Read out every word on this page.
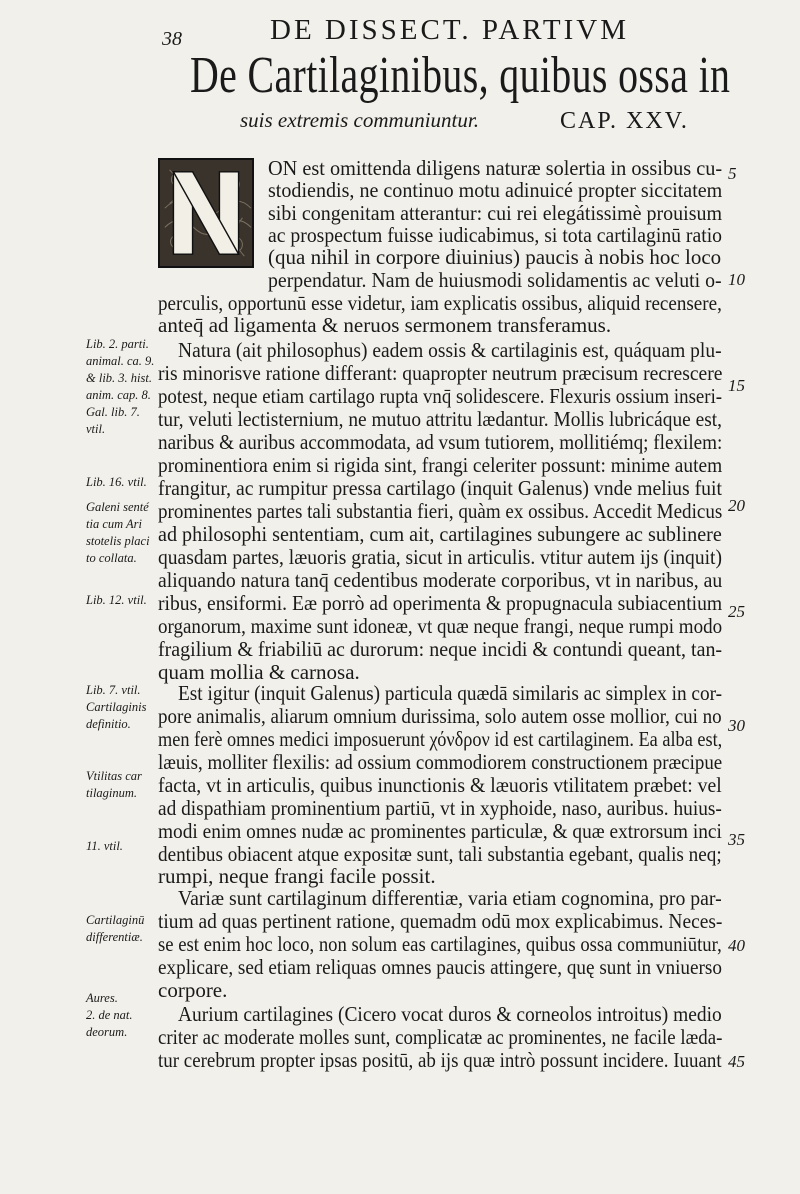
38	DE DISSECT. PARTIVM
De Cartilaginibus, quibus ossa in
suis extremis communiuntur.	CAP. XXV.
ON est omittenda diligens naturæ solertia in ossibus cu-
stodiendis, ne continuo motu adinuicé propter siccitatem
sibi congenitam atterantur: cui rei elegátissimè prouisum
ac prospectum fuisse iudicabimus, si tota cartilaginū ratio
(qua nihil in corpore diuinius) paucis à nobis hoc loco
perpendatur. Nam de huiusmodi solidamentis ac veluti o-
perculis, opportunū esse videtur, iam explicatis ossibus, aliquid recensere,
anteq̄ ad ligamenta & neruos sermonem transferamus.
Natura (ait philosophus) eadem ossis & cartilaginis est, quáquam plu-
ris minorisve ratione differant: quapropter neutrum præcisum recrescere
potest, neque etiam cartilago rupta vnq̄ solidescere. Flexuris ossium inseri-
tur, veluti lectisternium, ne mutuo attritu lædantur. Mollis lubricáque est,
naribus & auribus accommodata, ad vsum tutiorem, mollitiémq; flexilem:
prominentiora enim si rigida sint, frangi celeriter possunt: minime autem
frangitur, ac rumpitur pressa cartilago (inquit Galenus) vnde melius fuit
prominentes partes tali substantia fieri, quàm ex ossibus. Accedit Medicus
ad philosophi sententiam, cum ait, cartilagines subungere ac sublinere
quasdam partes, læuoris gratia, sicut in articulis. vtitur autem ijs (inquit)
aliquando natura tanq̄ cedentibus moderate corporibus, vt in naribus, au
ribus, ensiformi. Eæ porrò ad operimenta & propugnacula subiacentium
organorum, maxime sunt idoneæ, vt quæ neque frangi, neque rumpi modo
fragilium & friabiliū ac durorum: neque incidi & contundi queant, tan-
quam mollia & carnosa.
Est igitur (inquit Galenus) particula quædā similaris ac simplex in cor-
pore animalis, aliarum omnium durissima, solo autem osse mollior, cui no
men ferè omnes medici imposuerunt χόνδρον id est cartilaginem. Ea alba est,
læuis, molliter flexilis: ad ossium commodiorem constructionem præcipue
facta, vt in articulis, quibus inunctionis & læuoris vtilitatem præbet: vel
ad dispathiam prominentium partiū, vt in xyphoide, naso, auribus. huius-
modi enim omnes nudæ ac prominentes particulæ, & quæ extrorsum inci
dentibus obiacent atque expositæ sunt, tali substantia egebant, qualis neq;
rumpi, neque frangi facile possit.
Variæ sunt cartilaginum differentiæ, varia etiam cognomina, pro par-
tium ad quas pertinent ratione, quemadm odū mox explicabimus. Neces-
se est enim hoc loco, non solum eas cartilagines, quibus ossa communiūtur,
explicare, sed etiam reliquas omnes paucis attingere, quę sunt in vniuerso
corpore.
Aurium cartilagines (Cicero vocat duros & corneolos introitus) medio
criter ac moderate molles sunt, complicatæ ac prominentes, ne facile læda-
tur cerebrum propter ipsas positū, ab ijs quæ intrò possunt incidere. Iuuant
Lib. 2. parti.
animal. ca. 9.
& lib. 3. hist.
anim. cap. 8.
Gal. lib. 7.
vtil.
Lib. 16. vtil.
Galeni senté
tia cum Ari
stotelis placi
to collata.
Lib. 12. vtil.
Lib. 7. vtil.
Cartilaginis
definitio.
Vtilitas car
tilaginum.
11. vtil.
Cartilaginū
differentiæ.
Aures.
2. de nat.
deorum.
5
10
15
20
25
30
35
40
45
